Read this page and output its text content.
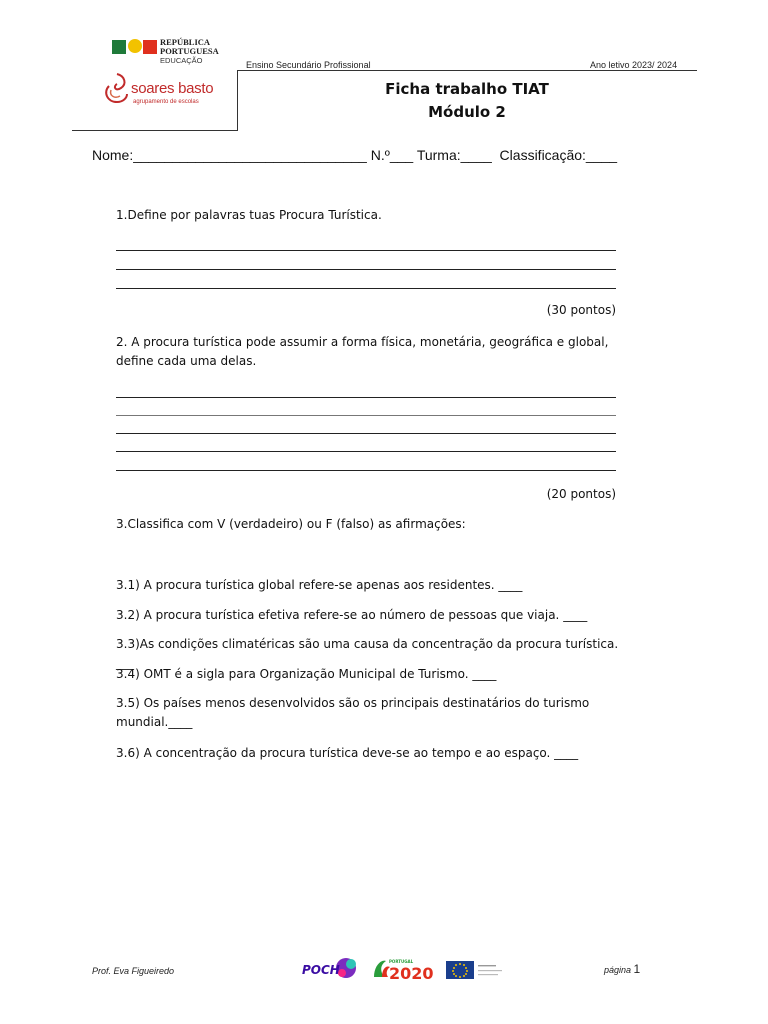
REPÚBLICA
PORTUGUESA
EDUCAÇÃO
soares basto
agrupamento de escolas
Ensino Secundário Profissional	Ano letivo 2023/ 2024
Ficha trabalho TIAT
Módulo 2
Nome:______________________________ N.º___ Turma:____  Classificação:____
1.Define por palavras tuas Procura Turística.
(30 pontos)
2. A procura turística pode assumir a forma física, monetária, geográfica e global,
define cada uma delas.
(20 pontos)
3.Classifica com V (verdadeiro) ou F (falso) as afirmações:
3.1) A procura turística global refere-se apenas aos residentes. ____
3.2) A procura turística efetiva refere-se ao número de pessoas que viaja. ____
3.3)As condições climatéricas são uma causa da concentração da procura turística. ___
3.4) OMT é a sigla para Organização Municipal de Turismo. ____
3.5) Os países menos desenvolvidos são os principais destinatários do turismo
mundial.____
3.6) A concentração da procura turística deve-se ao tempo e ao espaço. ____
Prof. Eva Figueiredo	POCH
PORTUGAL
2020	página 1
